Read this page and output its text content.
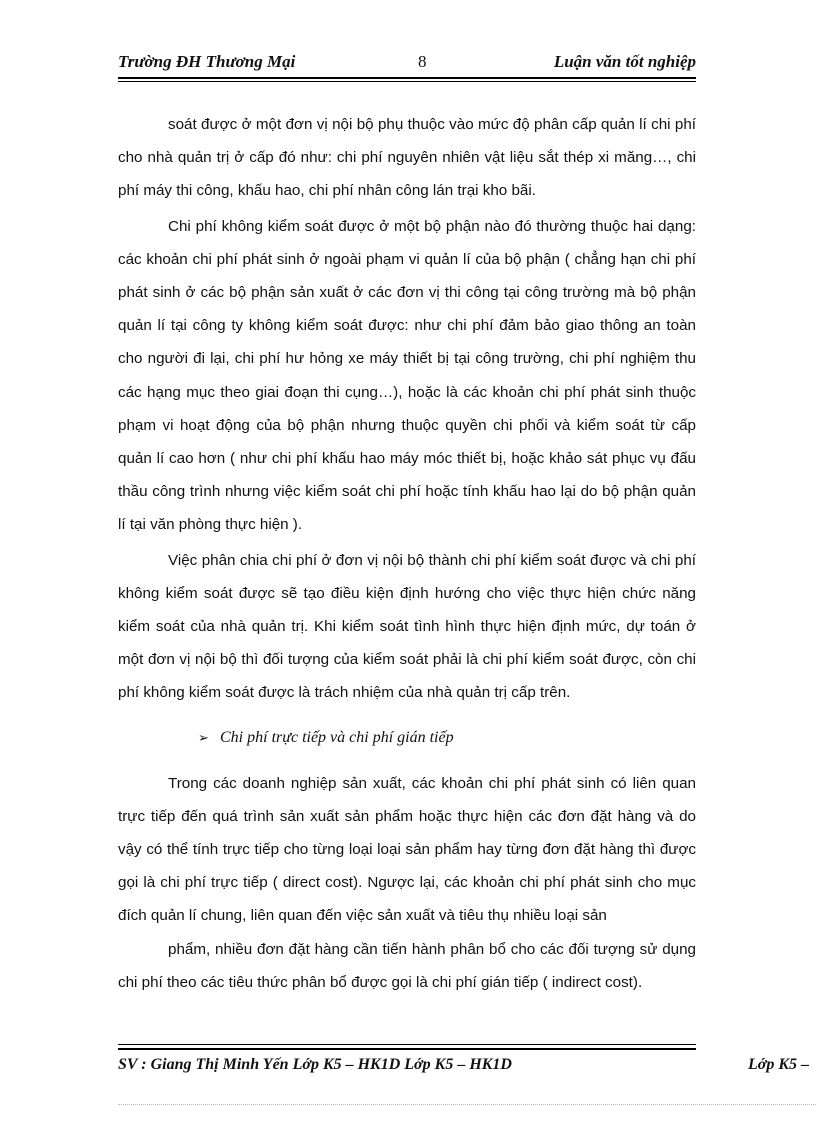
Trường ĐH Thương Mại	8	Luận văn tốt nghiệp

soát được ở một đơn vị nội bộ phụ thuộc vào mức độ phân cấp quản lí chi phí cho nhà quản trị ở cấp đó như: chi phí nguyên nhiên vật liệu sắt thép xi măng…, chi phí máy thi công, khấu hao, chi phí nhân công lán trại kho bãi.

Chi phí không kiểm soát được ở một bộ phận nào đó thường thuộc hai dạng: các khoản chi phí phát sinh ở ngoài phạm vi quản lí của bộ phận ( chẳng hạn chi phí phát sinh ở các bộ phận sản xuất ở các đơn vị thi công tại công trường mà bộ phận quản lí tại công ty không kiểm soát được: như chi phí đảm bảo giao thông an toàn cho người đi lại, chi phí hư hỏng xe máy thiết bị tại công trường, chi phí nghiệm thu các hạng mục theo giai đoạn thi cụng…), hoặc là các khoản chi phí phát sinh thuộc phạm vi hoạt động của bộ phận nhưng thuộc quyền chi phối và kiểm soát từ cấp quản lí cao hơn ( như chi phí khấu hao máy móc thiết bị, hoặc khảo sát phục vụ đấu thầu công trình nhưng việc kiểm soát chi phí hoặc tính khấu hao lại do bộ phận quản lí tại văn phòng thực hiện ).

Việc phân chia chi phí ở đơn vị nội bộ thành chi phí kiểm soát được và chi phí không kiểm soát được sẽ tạo điều kiện định hướng cho việc thực hiện chức năng kiểm soát của nhà quản trị. Khi kiểm soát tình hình thực hiện định mức, dự toán ở một đơn vị nội bộ thì đối tượng của kiểm soát phải là chi phí kiểm soát được, còn chi phí không kiểm soát được là trách nhiệm của nhà quản trị cấp trên.

➢ Chi phí trực tiếp và chi phí gián tiếp

Trong các doanh nghiệp sản xuất, các khoản chi phí phát sinh có liên quan trực tiếp đến quá trình sản xuất sản phẩm hoặc thực hiện các đơn đặt hàng và do vậy có thể tính trực tiếp cho từng loại loại sản phẩm hay từng đơn đặt hàng thì được gọi là chi phí trực tiếp ( direct cost). Ngược lại, các khoản chi phí phát sinh cho mục đích quản lí chung, liên quan đến việc sản xuất và tiêu thụ nhiều loại sản

phẩm, nhiều đơn đặt hàng cần tiến hành phân bổ cho các đối tượng sử dụng chi phí theo các tiêu thức phân bổ được gọi là chi phí gián tiếp ( indirect cost).

SV : Giang Thị Minh Yến Lớp K5 – HK1D Lớp K5 – HK1D	Lớp K5 –
